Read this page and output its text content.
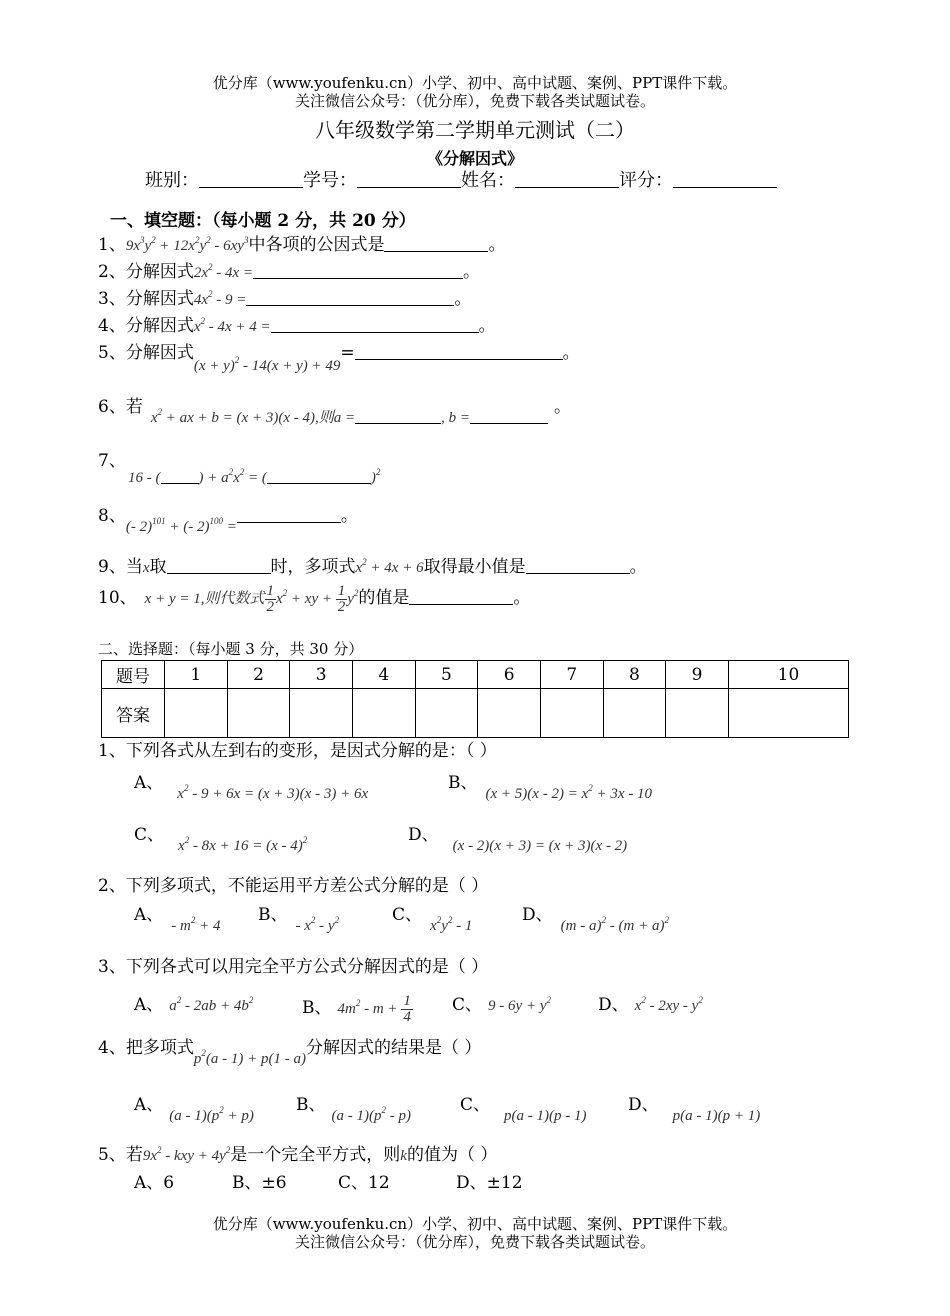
优分库（www.youfenku.cn）小学、初中、高中试题、案例、PPT课件下载。
关注微信公众号：（优分库），免费下载各类试题试卷。
八年级数学第二学期单元测试（二）
《分解因式》
班别：	学号：	姓名：	评分：
一、填空题：（每小题 2 分，共 20 分）
1、$9x^3y^2 + 12x^2y^2 - 6xy^3$中各项的公因式是	。
2、分解因式$2x^2 - 4x$ =	。
3、分解因式$4x^2 - 9$ =	。
4、分解因式$x^2 - 4x + 4$ =	。
5、分解因式$(x + y)^2 - 14(x + y) + 49=$	。
6、若$x^2$ + ax + b = (x + 3)(x - 4),则a =	, b =。
7、
16 - (	) + $a^2x^2$ = (	)$^2$
8、(- 2)$^{101}$ + (- 2)$^{100}$ =。
9、当x取	时，多项式$x^2 + 4x + 6$取得最小值是	。
10、 x + y = 1,则代数式 $\frac{1}{2} x^2$ + xy + $\frac{1}{2} y^2$的值是	。
二、选择题：（每小题 3 分，共 30 分）
题号	1	2	3	4	5	6	7	8	9	10
答案										
1、下列各式从左到右的变形，是因式分解的是：（ ）
A、$x^2 - 9 + 6x = (x + 3)(x - 3) + 6x$
B、$(x + 5)(x - 2) = x^2 + 3x - 10$
C、$x^2 - 8x + 16 = (x - 4)^2$	D、(x - 2)(x + 3) = (x + 3)(x - 2)
2、下列多项式，不能运用平方差公式分解的是（ ）
A、- $m^2 + 4$
B、- $x^2 - y^2$	C、$x^2y^2 - 1$
D、$(m - a)^2 - (m + a)^2$
3、下列各式可以用完全平方公式分解因式的是（ ）
A、 $a^2 - 2ab + 4b^2$	B、 $4m^2 - m + \frac{1}{4}$ C、 $9 - 6y + y^2$	D、 $x^2 - 2xy - y^2$
4、把多项式$p^2(a - 1) + p(1 - a)$分解因式的结果是（ ）
A、$(a - 1)(p^2 + p)$
B、$(a - 1)(p^2 - p)$
C、p(a - 1)(p - 1)
D、p(a - 1)(p + 1)
5、若$9x^2$ - kxy + $4y^2$是一个完全平方式，则k的值为（ ）
A、6	B、±6	C、12	D、±12
优分库（www.youfenku.cn）小学、初中、高中试题、案例、PPT课件下载。
关注微信公众号：（优分库），免费下载各类试题试卷。
